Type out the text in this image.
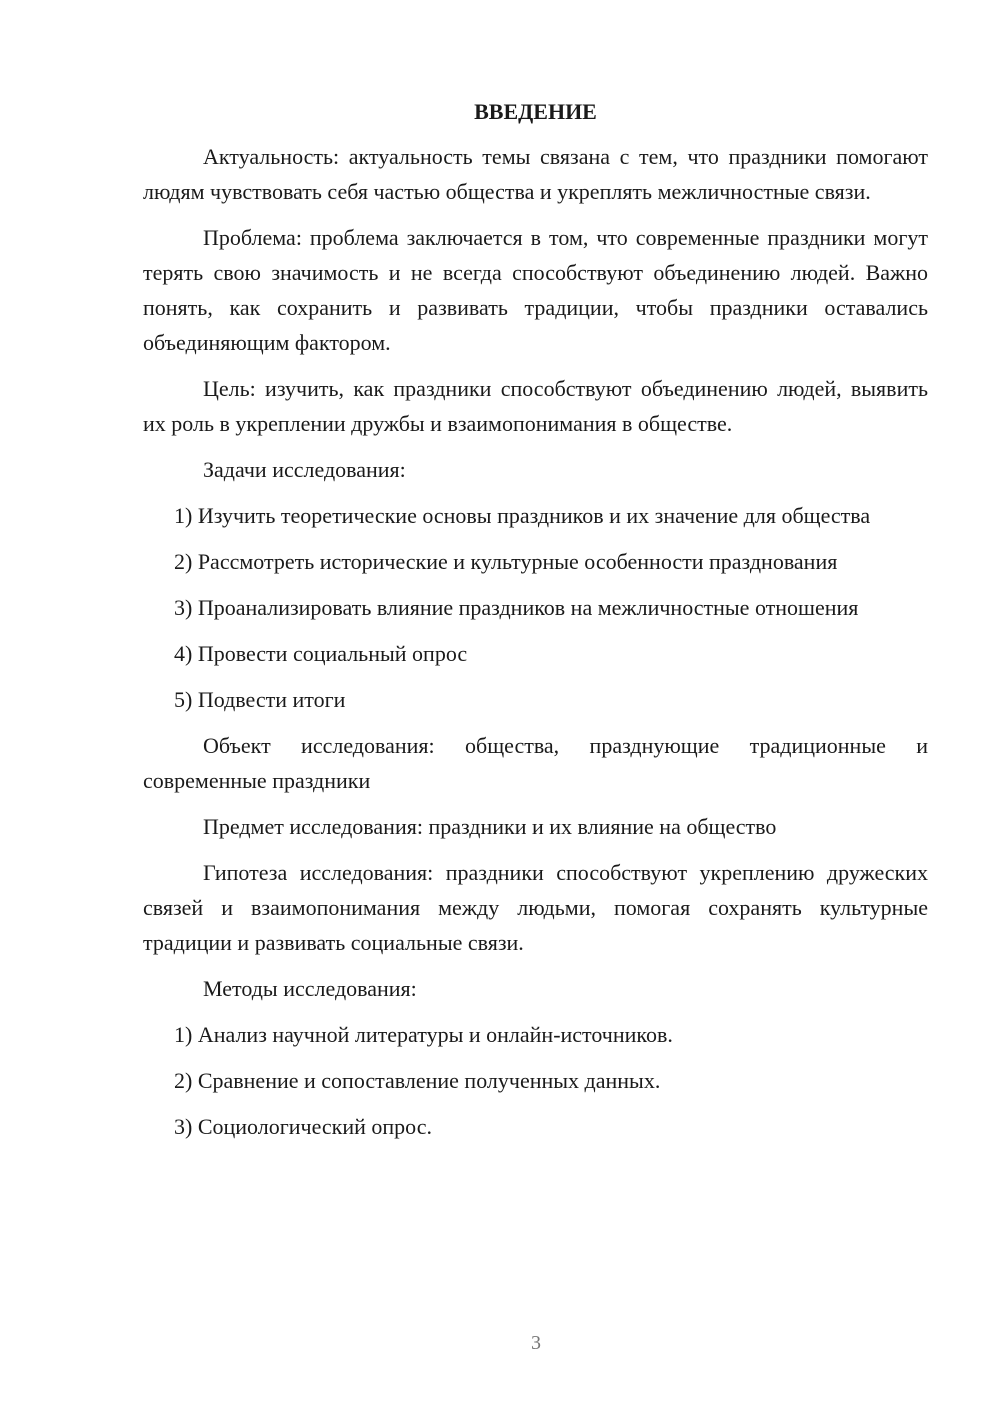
ВВЕДЕНИЕ

Актуальность: актуальность темы связана с тем, что праздники помогают людям чувствовать себя частью общества и укреплять межличностные связи.

Проблема: проблема заключается в том, что современные праздники могут терять свою значимость и не всегда способствуют объединению людей. Важно понять, как сохранить и развивать традиции, чтобы праздники оставались объединяющим фактором.

Цель: изучить, как праздники способствуют объединению людей, выявить их роль в укреплении дружбы и взаимопонимания в обществе.

Задачи исследования:

1) Изучить теоретические основы праздников и их значение для общества

2) Рассмотреть исторические и культурные особенности празднования

3) Проанализировать влияние праздников на межличностные отношения

4) Провести социальный опрос

5) Подвести итоги

Объект исследования: общества, празднующие традиционные и современные праздники

Предмет исследования: праздники и их влияние на общество

Гипотеза исследования: праздники способствуют укреплению дружеских связей и взаимопонимания между людьми, помогая сохранять культурные традиции и развивать социальные связи.

Методы исследования:

1) Анализ научной литературы и онлайн-источников.

2) Сравнение и сопоставление полученных данных.

3) Социологический опрос.

3
